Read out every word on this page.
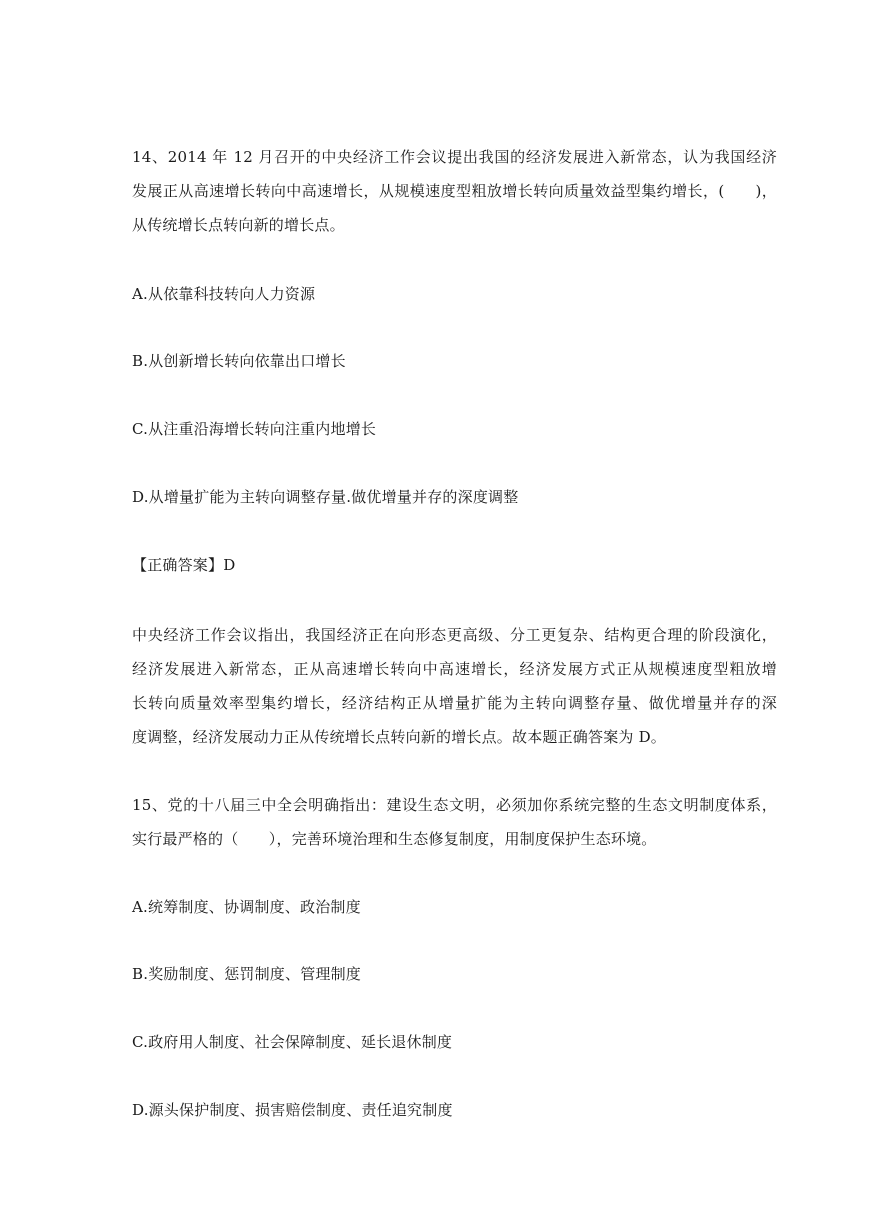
14、2014 年 12 月召开的中央经济工作会议提出我国的经济发展进入新常态，认为我国经济
发展正从高速增长转向中高速增长，从规模速度型粗放增长转向质量效益型集约增长，(　　)，
从传统增长点转向新的增长点。

A.从依靠科技转向人力资源

B.从创新增长转向依靠出口增长

C.从注重沿海增长转向注重内地增长

D.从增量扩能为主转向调整存量.做优增量并存的深度调整

【正确答案】D

中央经济工作会议指出，我国经济正在向形态更高级、分工更复杂、结构更合理的阶段演化，
经济发展进入新常态，正从高速增长转向中高速增长，经济发展方式正从规模速度型粗放增
长转向质量效率型集约增长，经济结构正从增量扩能为主转向调整存量、做优增量并存的深
度调整，经济发展动力正从传统增长点转向新的增长点。故本题正确答案为 D。
15、党的十八届三中全会明确指出：建设生态文明，必须加你系统完整的生态文明制度体系，
实行最严格的（　　），完善环境治理和生态修复制度，用制度保护生态环境。

A.统筹制度、协调制度、政治制度

B.奖励制度、惩罚制度、管理制度

C.政府用人制度、社会保障制度、延长退休制度

D.源头保护制度、损害赔偿制度、责任追究制度
